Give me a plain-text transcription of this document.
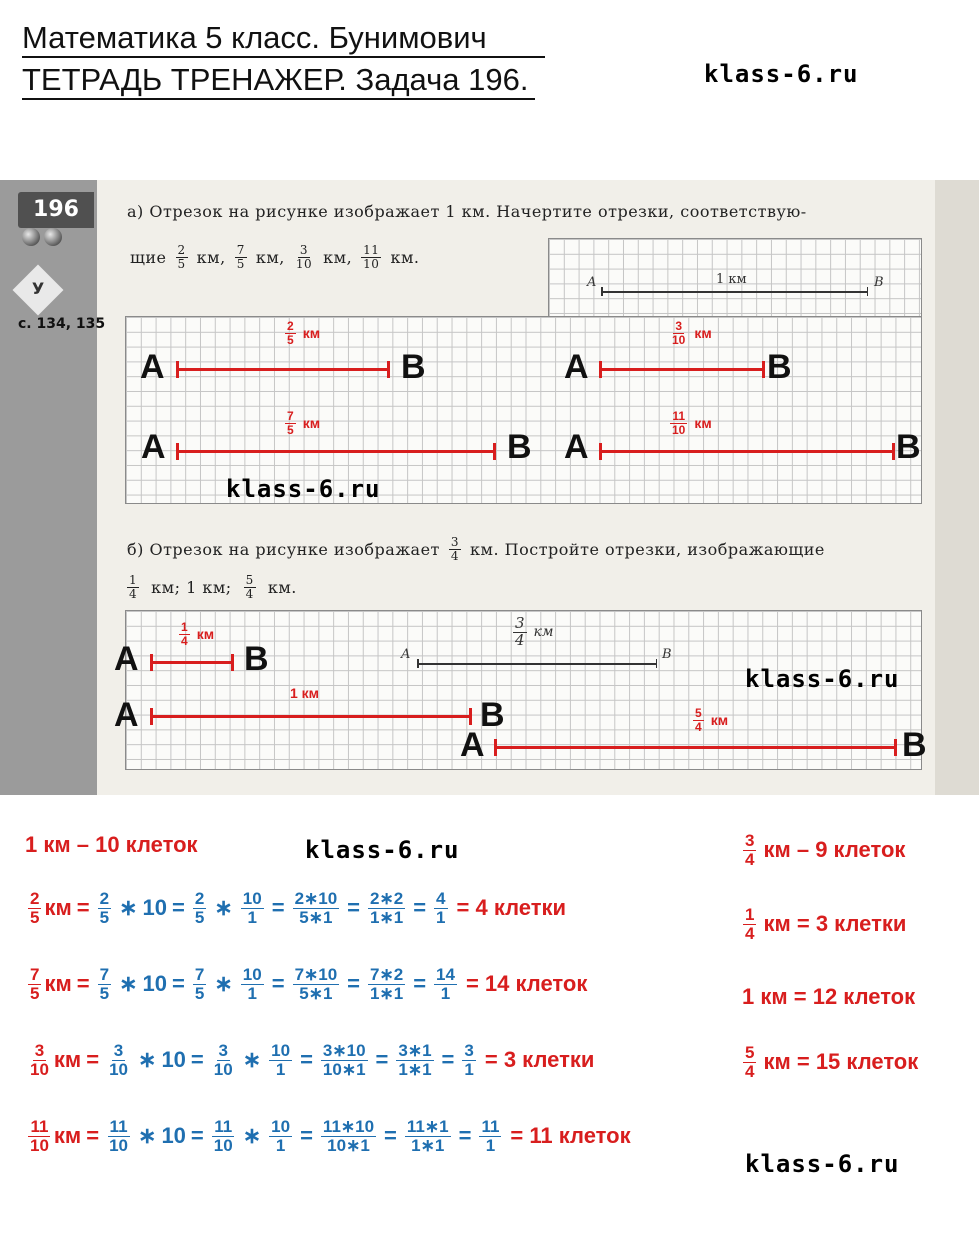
Математика 5 класс. Бунимович
ТЕТРАДЬ ТРЕНАЖЕР. Задача 196.	klass-6.ru
196
У
с. 134, 135
а) Отрезок на рисунке изображает 1 км. Начертите отрезки, соответствую-
щие $\frac{2}{5}$ км, $\frac{7}{5}$ км, $\frac{3}{10}$ км, $\frac{11}{10}$ км.
A	1 км	B
A	B
$\frac{2}{5}$ км
A	B
$\frac{3}{10}$ км
A	B
$\frac{7}{5}$ км
A	B
$\frac{11}{10}$ км
klass-6.ru
б) Отрезок на рисунке изображает $\frac{3}{4}$ км. Постройте отрезки, изображающие
$\frac{1}{4}$ км; 1 км; $\frac{5}{4}$ км.
A	B
$\frac{3}{4}$ км
A	B
$\frac{1}{4}$ км
A	B
1 км
A	B
$\frac{5}{4}$ км
klass-6.ru
1 км – 10 клеток	klass-6.ru
klass-6.ru
$\frac{2}{5}$ км = $\frac{2}{5}$ ∗ $10 = \frac{2}{5}$ ∗ $\frac{10}{1} = \frac{2∗10}{5∗1} = \frac{2∗2}{1∗1} = \frac{4}{1} = 4$ клетки
$\frac{7}{5}$ км = $\frac{7}{5}$ ∗ $10 = \frac{7}{5}$ ∗ $\frac{10}{1} = \frac{7∗10}{5∗1} = \frac{7∗2}{1∗1} = \frac{14}{1} = 14$ клеток
$\frac{3}{10}$ км = $\frac{3}{10}$ ∗ $10 = \frac{3}{10}$ ∗ $\frac{10}{1} = \frac{3∗10}{10∗1} = \frac{3∗1}{1∗1} = \frac{3}{1} = 3$ клетки
$\frac{11}{10}$ км = $\frac{11}{10}$ ∗ $10 = \frac{11}{10}$ ∗ $\frac{10}{1} = \frac{11∗10}{10∗1} = \frac{11∗1}{1∗1} = \frac{11}{1} = 11$ клеток
$\frac{3}{4}$ км – 9 клеток
$\frac{1}{4}$ км = 3 клетки
1 км = 12 клеток
$\frac{5}{4}$ км = 15 клеток
